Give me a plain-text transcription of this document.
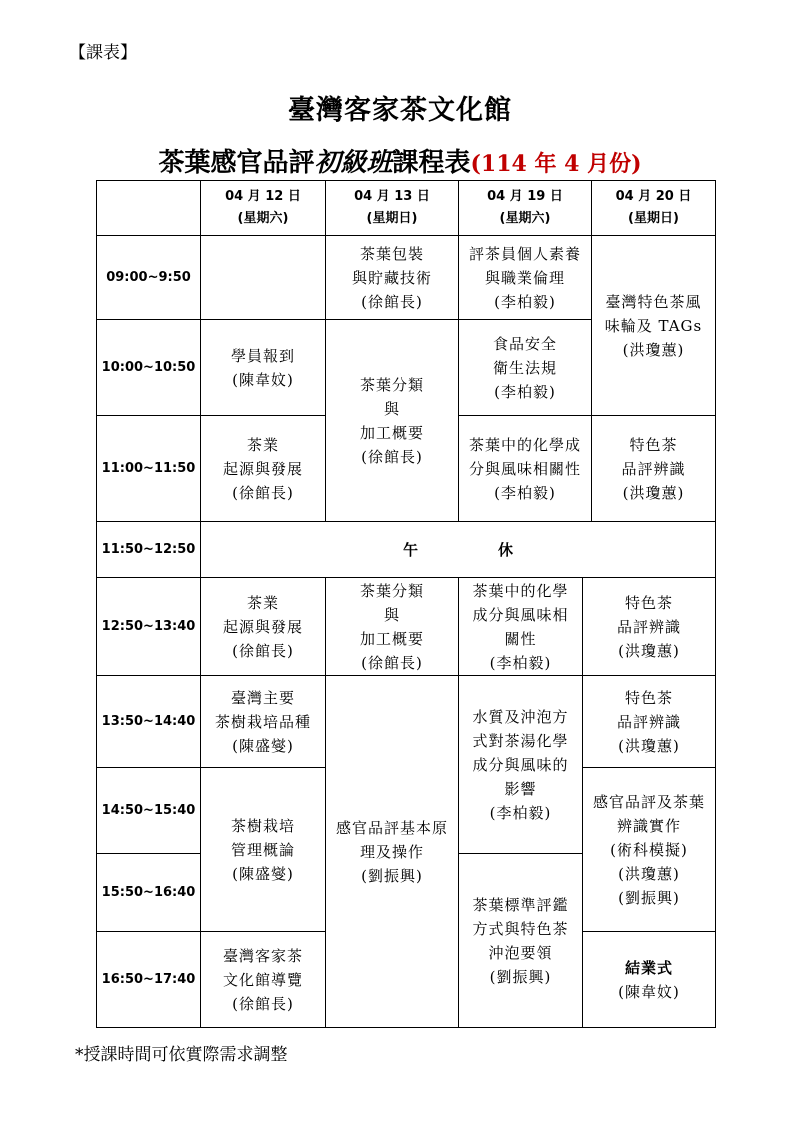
【課表】
臺灣客家茶文化館
茶葉感官品評初級班課程表(114 年 4 月份)
04 月 12 日
(星期六)
04 月 13 日
(星期日)
04 月 19 日
(星期六)
04 月 20 日
(星期日)
09:00~9:50
10:00~10:50
11:00~11:50
11:50~12:50
12:50~13:40
13:50~14:40
14:50~15:40
15:50~16:40
16:50~17:40
學員報到
(陳韋妏)
茶業
起源與發展
(徐館長)
茶業
起源與發展
(徐館長)
臺灣主要
茶樹栽培品種
(陳盛燮)
茶樹栽培
管理概論
(陳盛燮)
臺灣客家茶
文化館導覽
(徐館長)
茶葉包裝
與貯藏技術
(徐館長)
茶葉分類
與
加工概要
(徐館長)
茶葉分類
與
加工概要
(徐館長)
感官品評基本原
理及操作
(劉振興)
評茶員個人素養
與職業倫理
(李柏毅)
食品安全
衛生法規
(李柏毅)
茶葉中的化學成
分與風味相關性
(李柏毅)
茶葉中的化學
成分與風味相
關性
(李柏毅)
水質及沖泡方
式對茶湯化學
成分與風味的
影響
(李柏毅)
茶葉標準評鑑
方式與特色茶
沖泡要領
(劉振興)
臺灣特色茶風
味輪及 TAGs
(洪瓊蕙)
特色茶
品評辨識
(洪瓊蕙)
特色茶
品評辨識
(洪瓊蕙)
特色茶
品評辨識
(洪瓊蕙)
感官品評及茶葉
辨識實作
(術科模擬)
(洪瓊蕙)
(劉振興)
結業式
(陳韋妏)
午	休
*授課時間可依實際需求調整
